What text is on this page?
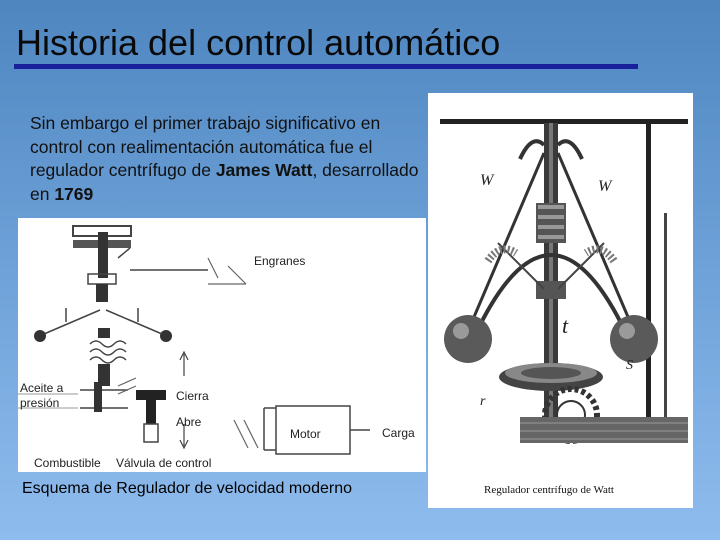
Historia del control automático
Sin embargo el primer trabajo significativo en control con realimentación automática fue el regulador centrífugo de James Watt, desarrollado en 1769
Engranes
Aceite a
presión	Cierra
Abre
Motor	Carga
Combustible Válvula de control
Esquema de Regulador de velocidad moderno
W	W
t
S
r
Regulador centrífugo de Watt
